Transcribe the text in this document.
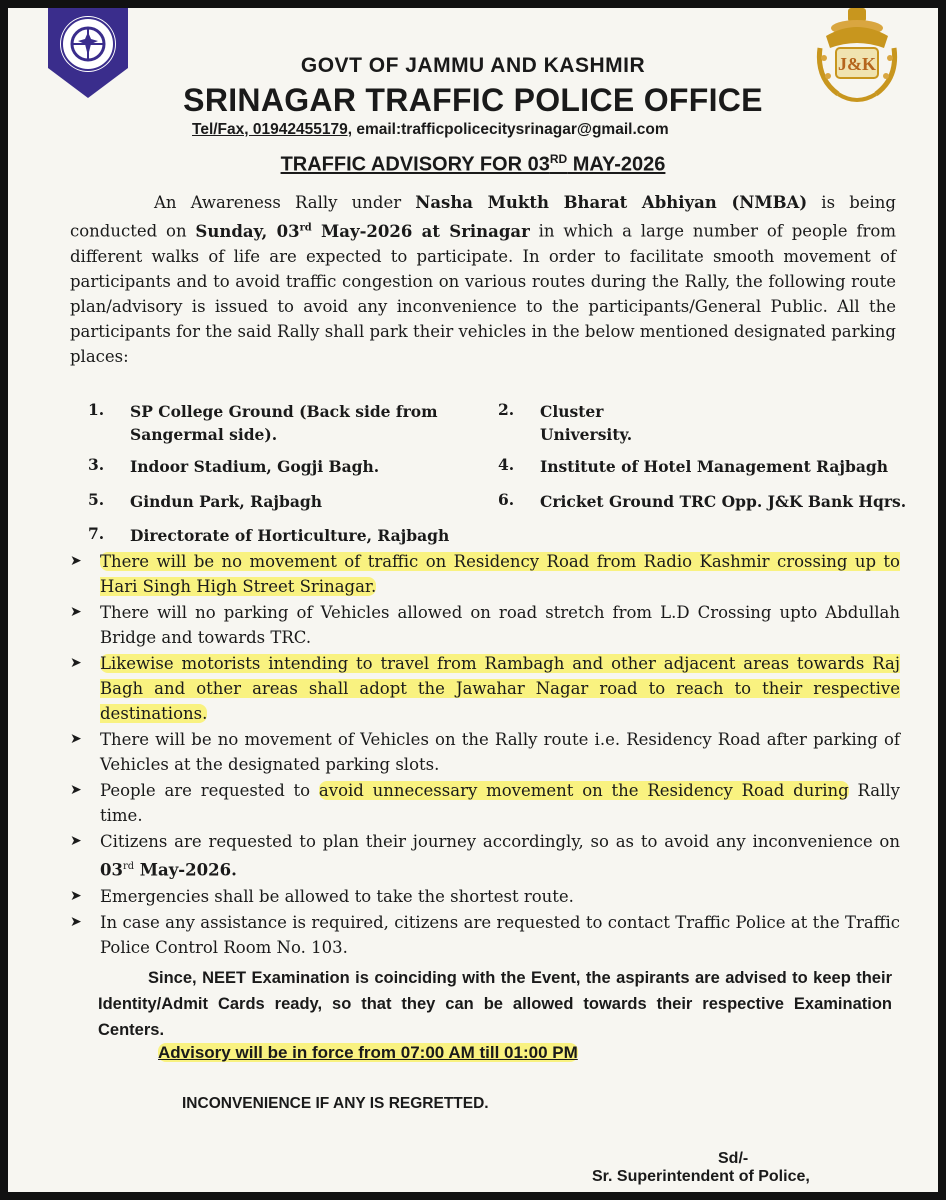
J&K
GOVT OF JAMMU AND KASHMIR
SRINAGAR TRAFFIC POLICE OFFICE
Tel/Fax, 01942455179, email:trafficpolicecitysrinagar@gmail.com
TRAFFIC ADVISORY FOR 03RD MAY-2026
An Awareness Rally under Nasha Mukth Bharat Abhiyan (NMBA) is being conducted on Sunday, 03rd May-2026 at Srinagar in which a large number of people from different walks of life are expected to participate. In order to facilitate smooth movement of participants and to avoid traffic congestion on various routes during the Rally, the following route plan/advisory is issued to avoid any inconvenience to the participants/General Public. All the participants for the said Rally shall park their vehicles in the below mentioned designated parking places:
1. SP College Ground (Back side from Sangermal side).
2. Cluster University.
3. Indoor Stadium, Gogji Bagh.	4. Institute of Hotel Management Rajbagh
5. Gindun Park, Rajbagh	6. Cricket Ground TRC Opp. J&K Bank Hqrs.
7. Directorate of Horticulture, Rajbagh
➤ There will be no movement of traffic on Residency Road from Radio Kashmir crossing up to Hari Singh High Street Srinagar.
➤ There will no parking of Vehicles allowed on road stretch from L.D Crossing upto Abdullah Bridge and towards TRC.
➤ Likewise motorists intending to travel from Rambagh and other adjacent areas towards Raj Bagh and other areas shall adopt the Jawahar Nagar road to reach to their respective destinations.
➤ There will be no movement of Vehicles on the Rally route i.e. Residency Road after parking of Vehicles at the designated parking slots.
➤ People are requested to avoid unnecessary movement on the Residency Road during Rally time.
➤ Citizens are requested to plan their journey accordingly, so as to avoid any inconvenience on 03rd May-2026.
➤ Emergencies shall be allowed to take the shortest route.
➤ In case any assistance is required, citizens are requested to contact Traffic Police at the Traffic Police Control Room No. 103.
Since, NEET Examination is coinciding with the Event, the aspirants are advised to keep their Identity/Admit Cards ready, so that they can be allowed towards their respective Examination Centers.
Advisory will be in force from 07:00 AM till 01:00 PM
INCONVENIENCE IF ANY IS REGRETTED.
Sd/-
Sr. Superintendent of Police,
